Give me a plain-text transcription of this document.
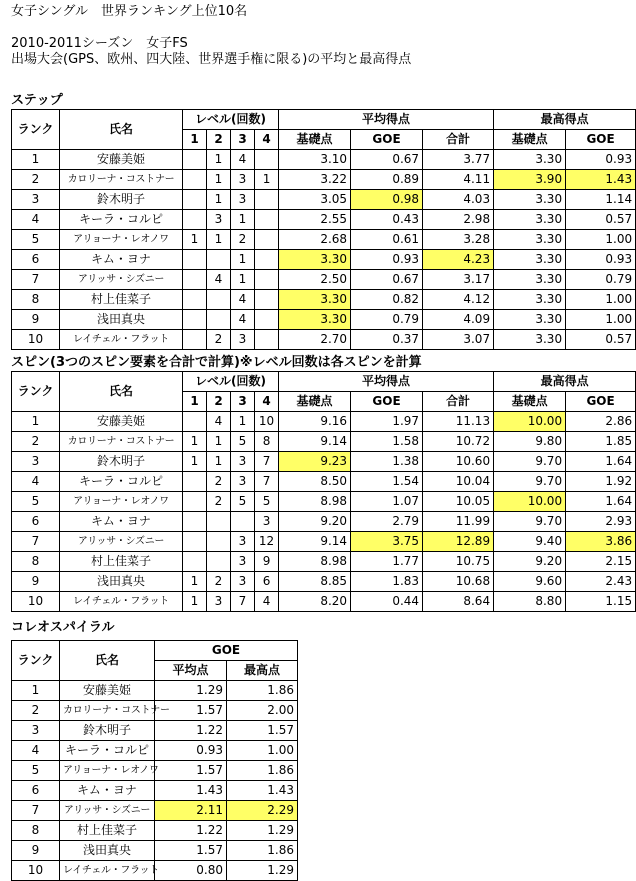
女子シングル　世界ランキング上位10名
2010-2011シーズン　女子FS
出場大会(GPS、欧州、四大陸、世界選手権に限る)の平均と最高得点
ステップ
ランク	氏名	レベル(回数)				平均得点			最高得点	
		1	2	3	4	基礎点	GOE	合計	基礎点	GOE
1	安藤美姫		1	4		3.10	0.67	3.77	3.30	0.93
2	カロリーナ・コストナー		1	3	1	3.22	0.89	4.11	3.90	1.43
3	鈴木明子		1	3		3.05	0.98	4.03	3.30	1.14
4	キーラ・コルピ		3	1		2.55	0.43	2.98	3.30	0.57
5	アリョーナ・レオノワ	1	1	2		2.68	0.61	3.28	3.30	1.00
6	キム・ヨナ			1		3.30	0.93	4.23	3.30	0.93
7	アリッサ・シズニー		4	1		2.50	0.67	3.17	3.30	0.79
8	村上佳菜子			4		3.30	0.82	4.12	3.30	1.00
9	浅田真央			4		3.30	0.79	4.09	3.30	1.00
10	レイチェル・フラット		2	3		2.70	0.37	3.07	3.30	0.57
スピン(3つのスピン要素を合計で計算)※レベル回数は各スピンを計算
ランク	氏名	レベル(回数)				平均得点			最高得点	
		1	2	3	4	基礎点	GOE	合計	基礎点	GOE
1	安藤美姫		4	1	10	9.16	1.97	11.13	10.00	2.86
2	カロリーナ・コストナー	1	1	5	8	9.14	1.58	10.72	9.80	1.85
3	鈴木明子	1	1	3	7	9.23	1.38	10.60	9.70	1.64
4	キーラ・コルピ		2	3	7	8.50	1.54	10.04	9.70	1.92
5	アリョーナ・レオノワ		2	5	5	8.98	1.07	10.05	10.00	1.64
6	キム・ヨナ				3	9.20	2.79	11.99	9.70	2.93
7	アリッサ・シズニー			3	12	9.14	3.75	12.89	9.40	3.86
8	村上佳菜子			3	9	8.98	1.77	10.75	9.20	2.15
9	浅田真央	1	2	3	6	8.85	1.83	10.68	9.60	2.43
10	レイチェル・フラット	1	3	7	4	8.20	0.44	8.64	8.80	1.15
コレオスパイラル
ランク	氏名	GOE	
		平均点	最高点
1	安藤美姫	1.29	1.86
2	カロリーナ・コストナー	1.57	2.00
3	鈴木明子	1.22	1.57
4	キーラ・コルピ	0.93	1.00
5	アリョーナ・レオノワ	1.57	1.86
6	キム・ヨナ	1.43	1.43
7	アリッサ・シズニー	2.11	2.29
8	村上佳菜子	1.22	1.29
9	浅田真央	1.57	1.86
10	レイチェル・フラット	0.80	1.29
